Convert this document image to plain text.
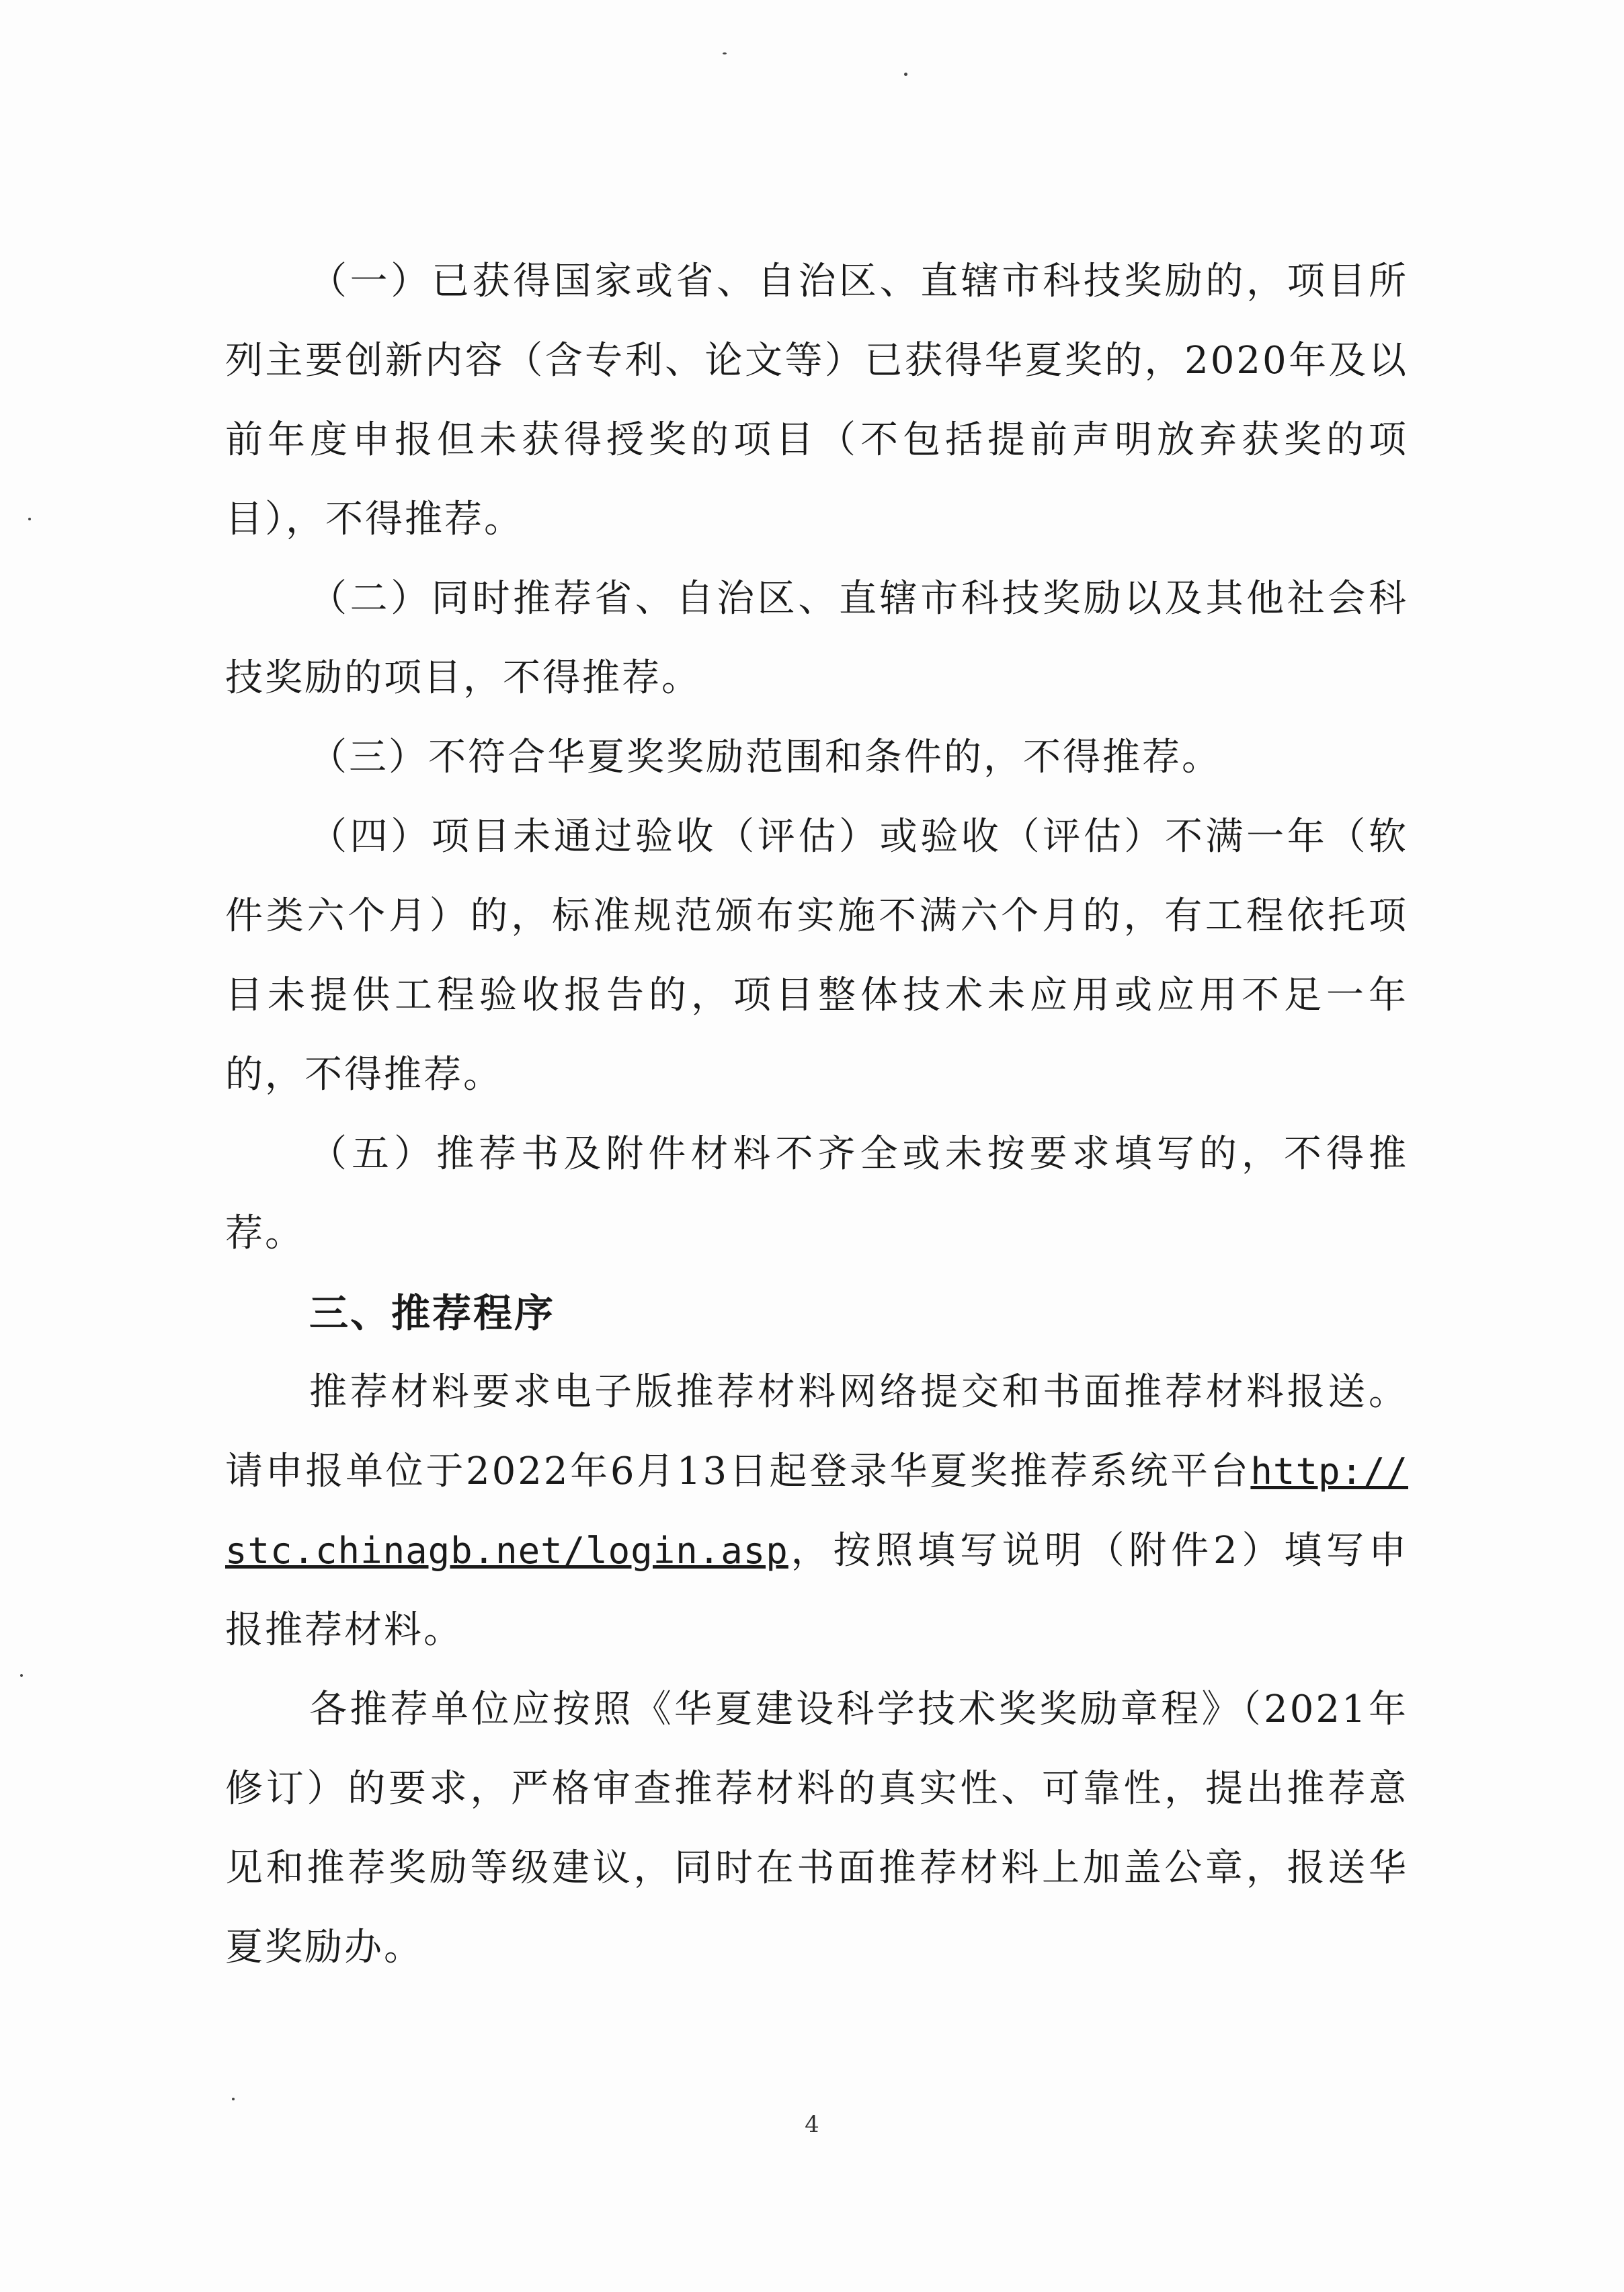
（一）已获得国家或省、自治区、直辖市科技奖励的，项目所列主要创新内容（含专利、论文等）已获得华夏奖的，2020年及以前年度申报但未获得授奖的项目（不包括提前声明放弃获奖的项目），不得推荐。

（二）同时推荐省、自治区、直辖市科技奖励以及其他社会科技奖励的项目，不得推荐。

（三）不符合华夏奖奖励范围和条件的，不得推荐。

（四）项目未通过验收（评估）或验收（评估）不满一年（软件类六个月）的，标准规范颁布实施不满六个月的，有工程依托项目未提供工程验收报告的，项目整体技术未应用或应用不足一年的，不得推荐。

（五）推荐书及附件材料不齐全或未按要求填写的，不得推荐。

三、推荐程序

推荐材料要求电子版推荐材料网络提交和书面推荐材料报送。请申报单位于2022年6月13日起登录华夏奖推荐系统平台http://stc.chinagb.net/login.asp，按照填写说明（附件2）填写申报推荐材料。

各推荐单位应按照《华夏建设科学技术奖奖励章程》（2021年修订）的要求，严格审查推荐材料的真实性、可靠性，提出推荐意见和推荐奖励等级建议，同时在书面推荐材料上加盖公章，报送华夏奖励办。

4
